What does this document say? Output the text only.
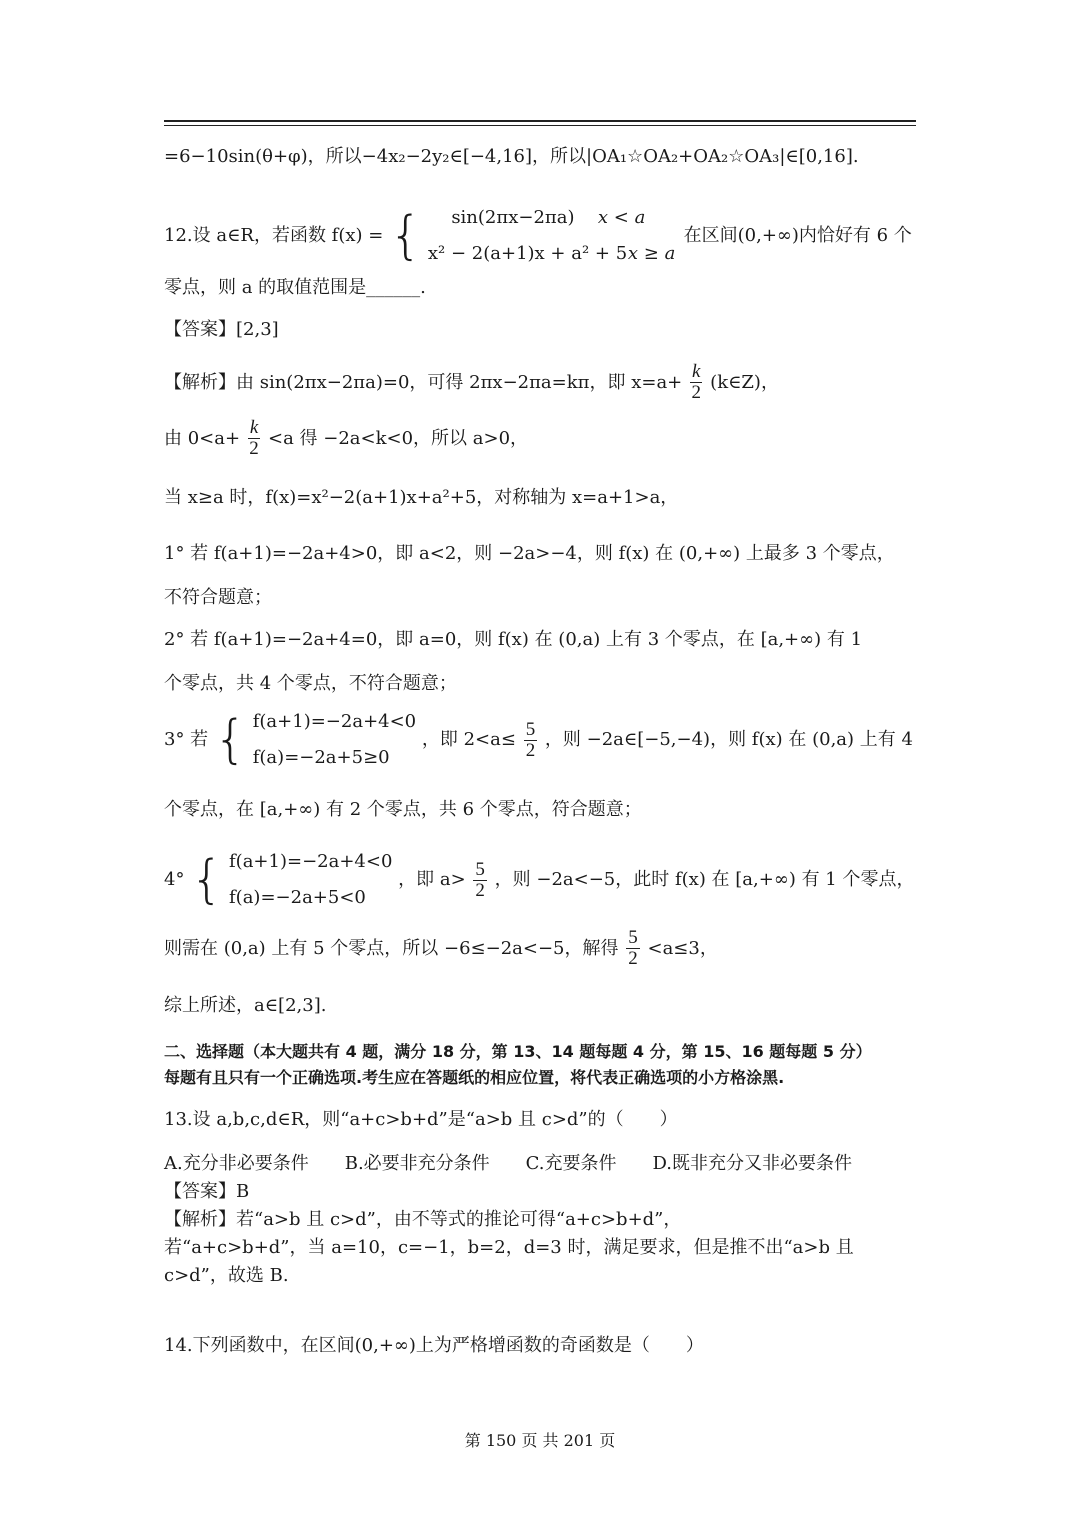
=6−10sin(θ+φ)，所以−4x₂−2y₂∈[−4,16]，所以|OA₁☆OA₂+OA₂☆OA₃|∈[0,16].
12.设 a∈R，若函数 f(x) = {	sin(2πx−2πa) x < a
x² − 2(a+1)x + a² + 5x ≥ a
在区间(0,+∞)内恰好有 6 个
零点，则 a 的取值范围是______.
【答案】[2,3]
【解析】由 sin(2πx−2πa)=0，可得 2πx−2πa=kπ，即 $x=a+ \frac{k}{2}$ (k∈Z)，
由 $0<a+ \frac{k}{2} <a$ 得 −2a<k<0，所以 a>0，
当 x≥a 时，f(x)=x²−2(a+1)x+a²+5，对称轴为 x=a+1>a，
1° 若 f(a+1)=−2a+4>0，即 a<2，则 −2a>−4，则 f(x) 在 (0,+∞) 上最多 3 个零点，
不符合题意；
2° 若 f(a+1)=−2a+4=0，即 a=0，则 f(x) 在 (0,a) 上有 3 个零点，在 [a,+∞) 有 1
个零点，共 4 个零点，不符合题意；
3° 若 { f(a+1)=−2a+4<0
f(a)=−2a+5≥0
，即 $2<a\le \frac{5}{2}$ ，则 −2a∈[−5,−4)，则 f(x) 在 (0,a) 上有 4
个零点，在 [a,+∞) 有 2 个零点，共 6 个零点，符合题意；
4° { f(a+1)=−2a+4<0
f(a)=−2a+5<0
，即 $a> \frac{5}{2}$ ，则 −2a<−5，此时 f(x) 在 [a,+∞) 有 1 个零点，
则需在 (0,a) 上有 5 个零点，所以 −6≤−2a<−5，解得 $\frac{5}{2} <a\le 3$，
综上所述，a∈[2,3].
二、选择题（本大题共有 4 题，满分 18 分，第 13、14 题每题 4 分，第 15、16 题每题 5 分）
每题有且只有一个正确选项.考生应在答题纸的相应位置，将代表正确选项的小方格涂黑.
13.设 a,b,c,d∈R，则“a+c>b+d”是“a>b 且 c>d”的（　　）
A.充分非必要条件　　B.必要非充分条件　　C.充要条件　　D.既非充分又非必要条件
【答案】B
【解析】若“a>b 且 c>d”，由不等式的推论可得“a+c>b+d”，
若“a+c>b+d”，当 a=10，c=−1，b=2，d=3 时，满足要求，但是推不出“a>b 且
c>d”，故选 B.
14.下列函数中，在区间(0,+∞)上为严格增函数的奇函数是（　　）
第 150 页 共 201 页
